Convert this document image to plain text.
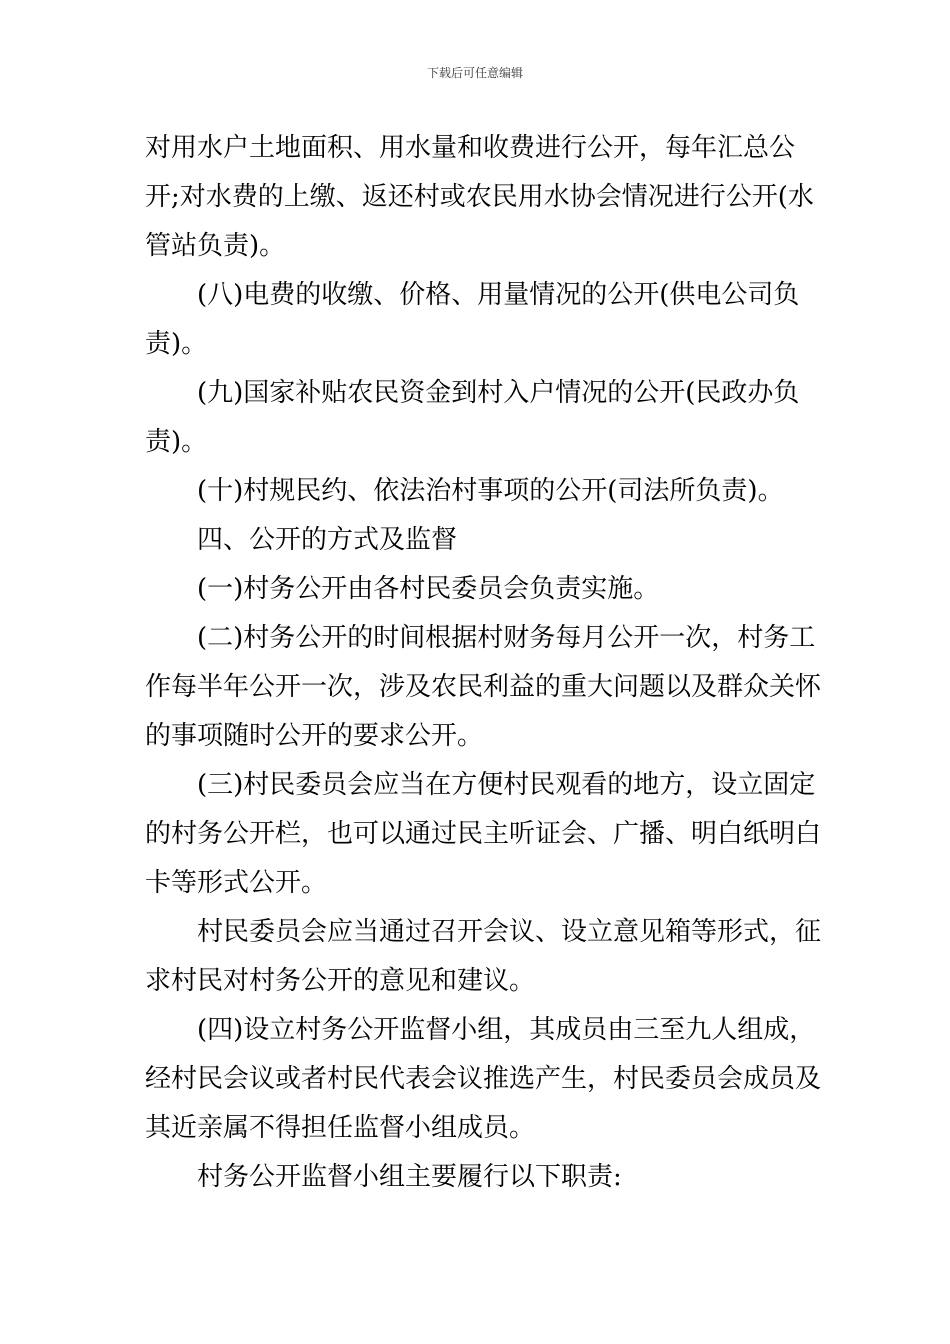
下载后可任意编辑

对用水户土地面积、用水量和收费进行公开，每年汇总公开;对水费的上缴、返还村或农民用水协会情况进行公开(水管站负责)。

(八)电费的收缴、价格、用量情况的公开(供电公司负责)。

(九)国家补贴农民资金到村入户情况的公开(民政办负责)。

(十)村规民约、依法治村事项的公开(司法所负责)。

四、公开的方式及监督

(一)村务公开由各村民委员会负责实施。

(二)村务公开的时间根据村财务每月公开一次，村务工作每半年公开一次，涉及农民利益的重大问题以及群众关怀的事项随时公开的要求公开。

(三)村民委员会应当在方便村民观看的地方，设立固定的村务公开栏，也可以通过民主听证会、广播、明白纸明白卡等形式公开。

村民委员会应当通过召开会议、设立意见箱等形式，征求村民对村务公开的意见和建议。

(四)设立村务公开监督小组，其成员由三至九人组成，经村民会议或者村民代表会议推选产生，村民委员会成员及其近亲属不得担任监督小组成员。

村务公开监督小组主要履行以下职责:
